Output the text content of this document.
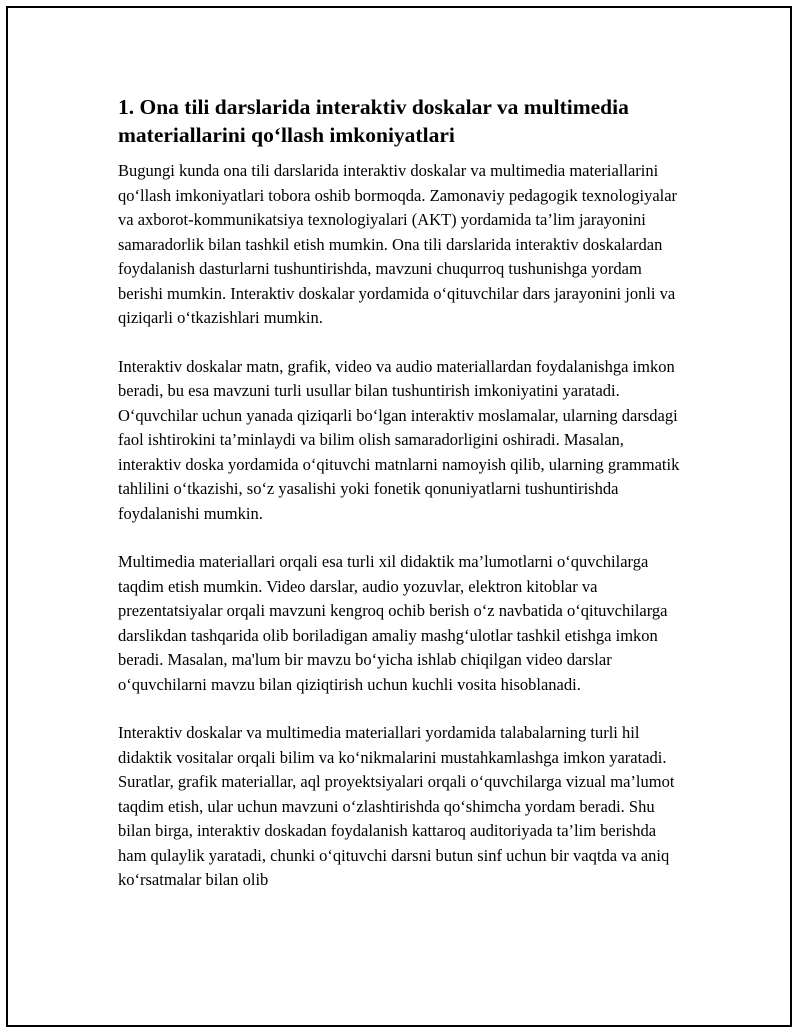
1. Ona tili darslarida interaktiv doskalar va multimedia materiallarini qo‘llash imkoniyatlari

Bugungi kunda ona tili darslarida interaktiv doskalar va multimedia materiallarini qo‘llash imkoniyatlari tobora oshib bormoqda. Zamonaviy pedagogik texnologiyalar va axborot-kommunikatsiya texnologiyalari (AKT) yordamida ta’lim jarayonini samaradorlik bilan tashkil etish mumkin. Ona tili darslarida interaktiv doskalardan foydalanish dasturlarni tushuntirishda, mavzuni chuqurroq tushunishga yordam berishi mumkin. Interaktiv doskalar yordamida o‘qituvchilar dars jarayonini jonli va qiziqarli o‘tkazishlari mumkin.

Interaktiv doskalar matn, grafik, video va audio materiallardan foydalanishga imkon beradi, bu esa mavzuni turli usullar bilan tushuntirish imkoniyatini yaratadi. O‘quvchilar uchun yanada qiziqarli bo‘lgan interaktiv moslamalar, ularning darsdagi faol ishtirokini ta’minlaydi va bilim olish samaradorligini oshiradi. Masalan, interaktiv doska yordamida o‘qituvchi matnlarni namoyish qilib, ularning grammatik tahlilini o‘tkazishi, so‘z yasalishi yoki fonetik qonuniyatlarni tushuntirishda foydalanishi mumkin.

Multimedia materiallari orqali esa turli xil didaktik ma’lumotlarni o‘quvchilarga taqdim etish mumkin. Video darslar, audio yozuvlar, elektron kitoblar va prezentatsiyalar orqali mavzuni kengroq ochib berish o‘z navbatida o‘qituvchilarga darslikdan tashqarida olib boriladigan amaliy mashg‘ulotlar tashkil etishga imkon beradi. Masalan, ma'lum bir mavzu bo‘yicha ishlab chiqilgan video darslar o‘quvchilarni mavzu bilan qiziqtirish uchun kuchli vosita hisoblanadi.

Interaktiv doskalar va multimedia materiallari yordamida talabalarning turli hil didaktik vositalar orqali bilim va ko‘nikmalarini mustahkamlashga imkon yaratadi. Suratlar, grafik materiallar, aql proyektsiyalari orqali o‘quvchilarga vizual ma’lumot taqdim etish, ular uchun mavzuni o‘zlashtirishda qo‘shimcha yordam beradi. Shu bilan birga, interaktiv doskadan foydalanish kattaroq auditoriyada ta’lim berishda ham qulaylik yaratadi, chunki o‘qituvchi darsni butun sinf uchun bir vaqtda va aniq ko‘rsatmalar bilan olib
